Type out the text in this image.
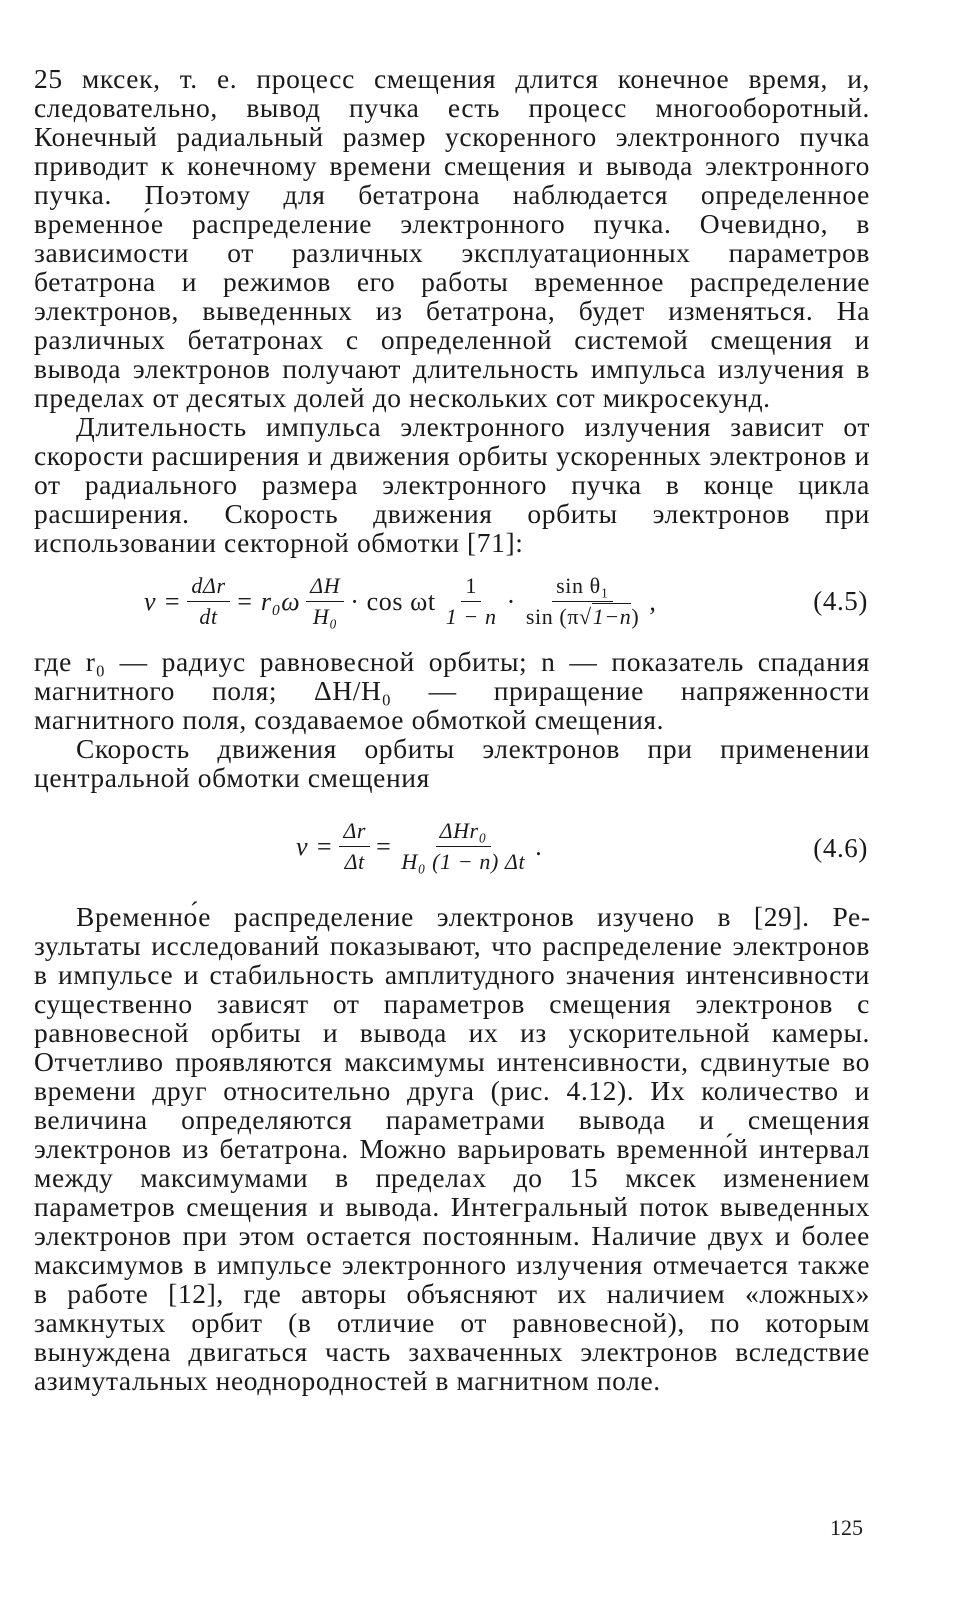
25 мксек, т. е. процесс смещения длится конечное время, и, следовательно, вывод пучка есть процесс многооборотный. Конечный радиальный размер ускоренного электронного пучка приводит к конечному времени смещения и вывода электронного пучка. Поэтому для бетатрона наблюдается определенное временно́е распределение электронного пучка. Очевидно, в зависимости от различных эксплуатационных параметров бетатрона и режимов его работы временное распределение электронов, выведенных из бетатрона, будет изменяться. На различных бетатронах с определенной системой смещения и вывода электронов получают длительность импульса излучения в пределах от десятых долей до нескольких сот микросекунд.

Длительность импульса электронного излучения зависит от скорости расширения и движения орбиты ускоренных электронов и от радиального размера электронного пучка в конце цикла расширения. Скорость движения орбиты электронов при использовании секторной обмотки [71]:

$v = \frac{\text{dΔr}}{dt} = r_0\omega \frac{\Delta H}{\text{H₀}} \cdot \cos \omega t \frac{1}{1 - n} \cdot \frac{\text{sin θ₁}}{\sin (\pi√1-n)}$ ,	(4.5)

где r₀ — радиус равновесной орбиты; n — показатель спадания магнитного поля; ΔH/H₀ — приращение напряженности магнитного поля, создаваемое обмоткой смещения.

Скорость движения орбиты электронов при применении центральной обмотки смещения

$v = \frac{\Delta r}{\Delta t} = \frac{\text{ΔHr₀}}{\text{H₀ (1 − n) Δt}}$ .	(4.6)

Временно́е распределение электронов изучено в [29]. Результаты исследований показывают, что распределение электронов в импульсе и стабильность амплитудного значения интенсивности существенно зависят от параметров смещения электронов с равновесной орбиты и вывода их из ускорительной камеры. Отчетливо проявляются максимумы интенсивности, сдвинутые во времени друг относительно друга (рис. 4.12). Их количество и величина определяются параметрами вывода и смещения электронов из бетатрона. Можно варьировать временно́й интервал между максимумами в пределах до 15 мксек изменением параметров смещения и вывода. Интегральный поток выведенных электронов при этом остается постоянным. Наличие двух и более максимумов в импульсе электронного излучения отмечается также в работе [12], где авторы объясняют их наличием «ложных» замкнутых орбит (в отличие от равновесной), по которым вынуждена двигаться часть захваченных электронов вследствие азимутальных неоднородностей в магнитном поле.

125
